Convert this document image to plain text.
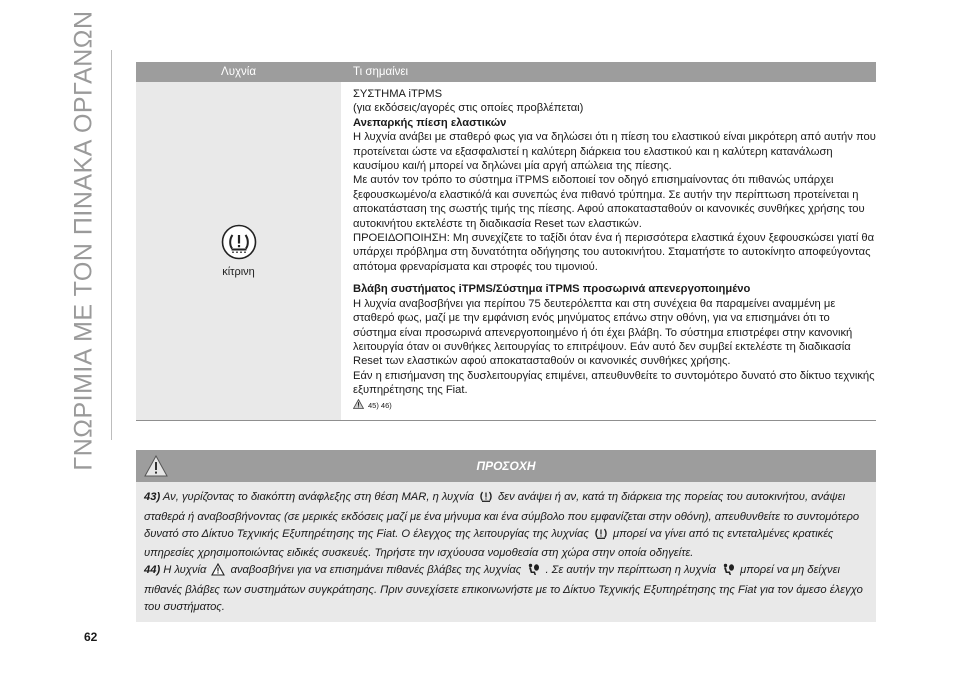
ΓΝΩΡΙΜΙΑ ΜΕ ΤΟΝ ΠΙΝΑΚΑ ΟΡΓΑΝΩΝ	Λυχνία	Τι σημαίνει
κίτρινη

ΣΥΣΤΗΜΑ iTPMS

(για εκδόσεις/αγορές στις οποίες προβλέπεται)

Ανεπαρκής πίεση ελαστικών

Η λυχνία ανάβει με σταθερό φως για να δηλώσει ότι η πίεση του ελαστικού είναι μικρότερη από αυτήν που προτείνεται ώστε να εξασφαλιστεί η καλύτερη διάρκεια του ελαστικού και η καλύτερη κατανάλωση καυσίμου και/ή μπορεί να δηλώνει μία αργή απώλεια της πίεσης.

Με αυτόν τον τρόπο το σύστημα iTPMS ειδοποιεί τον οδηγό επισημαίνοντας ότι πιθανώς υπάρχει ξεφουσκωμένο/α ελαστικό/ά και συνεπώς ένα πιθανό τρύπημα. Σε αυτήν την περίπτωση προτείνεται η αποκατάσταση της σωστής τιμής της πίεσης. Αφού αποκατασταθούν οι κανονικές συνθήκες χρήσης του αυτοκινήτου εκτελέστε τη διαδικασία Reset των ελαστικών.

ΠΡΟΕΙΔΟΠΟΙΗΣΗ: Μη συνεχίζετε το ταξίδι όταν ένα ή περισσότερα ελαστικά έχουν ξεφουσκώσει γιατί θα υπάρχει πρόβλημα στη δυνατότητα οδήγησης του αυτοκινήτου. Σταματήστε το αυτοκίνητο αποφεύγοντας απότομα φρεναρίσματα και στροφές του τιμονιού.

Βλάβη συστήματος iTPMS/Σύστημα iTPMS προσωρινά απενεργοποιημένο

Η λυχνία αναβοσβήνει για περίπου 75 δευτερόλεπτα και στη συνέχεια θα παραμείνει αναμμένη με σταθερό φως, μαζί με την εμφάνιση ενός μηνύματος επάνω στην οθόνη, για να επισημάνει ότι το σύστημα είναι προσωρινά απενεργοποιημένο ή ότι έχει βλάβη. Το σύστημα επιστρέφει στην κανονική λειτουργία όταν οι συνθήκες λειτουργίας το επιτρέψουν. Εάν αυτό δεν συμβεί εκτελέστε τη διαδικασία Reset των ελαστικών αφού αποκατασταθούν οι κανονικές συνθήκες χρήσης.

Εάν η επισήμανση της δυσλειτουργίας επιμένει, απευθυνθείτε το συντομότερο δυνατό στο δίκτυο τεχνικής εξυπηρέτησης της Fiat.

45) 46)
ΠΡΟΣΟΧΗ

43) Αν, γυρίζοντας το διακόπτη ανάφλεξης στη θέση MAR, η λυχνία δεν ανάψει ή αν, κατά τη διάρκεια της πορείας του αυτοκινήτου, ανάψει σταθερά ή αναβοσβήνοντας (σε μερικές εκδόσεις μαζί με ένα μήνυμα και ένα σύμβολο που εμφανίζεται στην οθόνη), απευθυνθείτε το συντομότερο δυνατό στο Δίκτυο Τεχνικής Εξυπηρέτησης της Fiat. Ο έλεγχος της λειτουργίας της λυχνίας μπορεί να γίνει από τις εντεταλμένες κρατικές υπηρεσίες χρησιμοποιώντας ειδικές συσκευές. Τηρήστε την ισχύουσα νομοθεσία στη χώρα στην οποία οδηγείτε.

44) Η λυχνία αναβοσβήνει για να επισημάνει πιθανές βλάβες της λυχνίας . Σε αυτήν την περίπτωση η λυχνία μπορεί να μη δείχνει πιθανές βλάβες των συστημάτων συγκράτησης. Πριν συνεχίσετε επικοινωνήστε με το Δίκτυο Τεχνικής Εξυπηρέτησης της Fiat για τον άμεσο έλεγχο του συστήματος.

62
